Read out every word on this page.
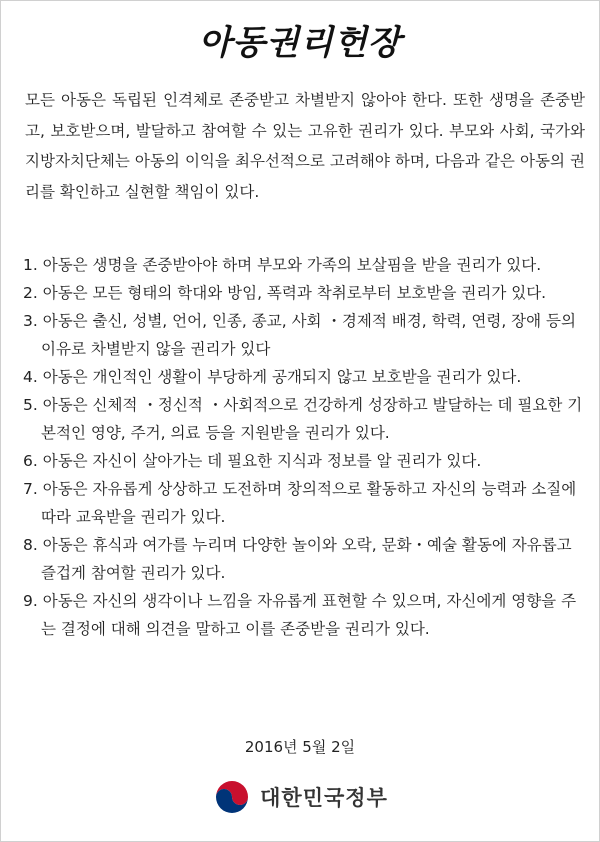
아동권리헌장

모든 아동은 독립된 인격체로 존중받고 차별받지 않아야 한다. 또한 생명을 존중받고, 보호받으며, 발달하고 참여할 수 있는 고유한 권리가 있다. 부모와 사회, 국가와 지방자치단체는 아동의 이익을 최우선적으로 고려해야 하며, 다음과 같은 아동의 권리를 확인하고 실현할 책임이 있다.

1. 아동은 생명을 존중받아야 하며 부모와 가족의 보살핌을 받을 권리가 있다.
2. 아동은 모든 형태의 학대와 방임, 폭력과 착취로부터 보호받을 권리가 있다.
3. 아동은 출신, 성별, 언어, 인종, 종교, 사회 ・경제적 배경, 학력, 연령, 장애 등의 이유로 차별받지 않을 권리가 있다
4. 아동은 개인적인 생활이 부당하게 공개되지 않고 보호받을 권리가 있다.
5. 아동은 신체적 ・정신적 ・사회적으로 건강하게 성장하고 발달하는 데 필요한 기본적인 영양, 주거, 의료 등을 지원받을 권리가 있다.
6. 아동은 자신이 살아가는 데 필요한 지식과 정보를 알 권리가 있다.
7. 아동은 자유롭게 상상하고 도전하며 창의적으로 활동하고 자신의 능력과 소질에 따라 교육받을 권리가 있다.
8. 아동은 휴식과 여가를 누리며 다양한 놀이와 오락, 문화・예술 활동에 자유롭고 즐겁게 참여할 권리가 있다.
9. 아동은 자신의 생각이나 느낌을 자유롭게 표현할 수 있으며, 자신에게 영향을 주는 결정에 대해 의견을 말하고 이를 존중받을 권리가 있다.
2016년 5월 2일
대한민국정부
